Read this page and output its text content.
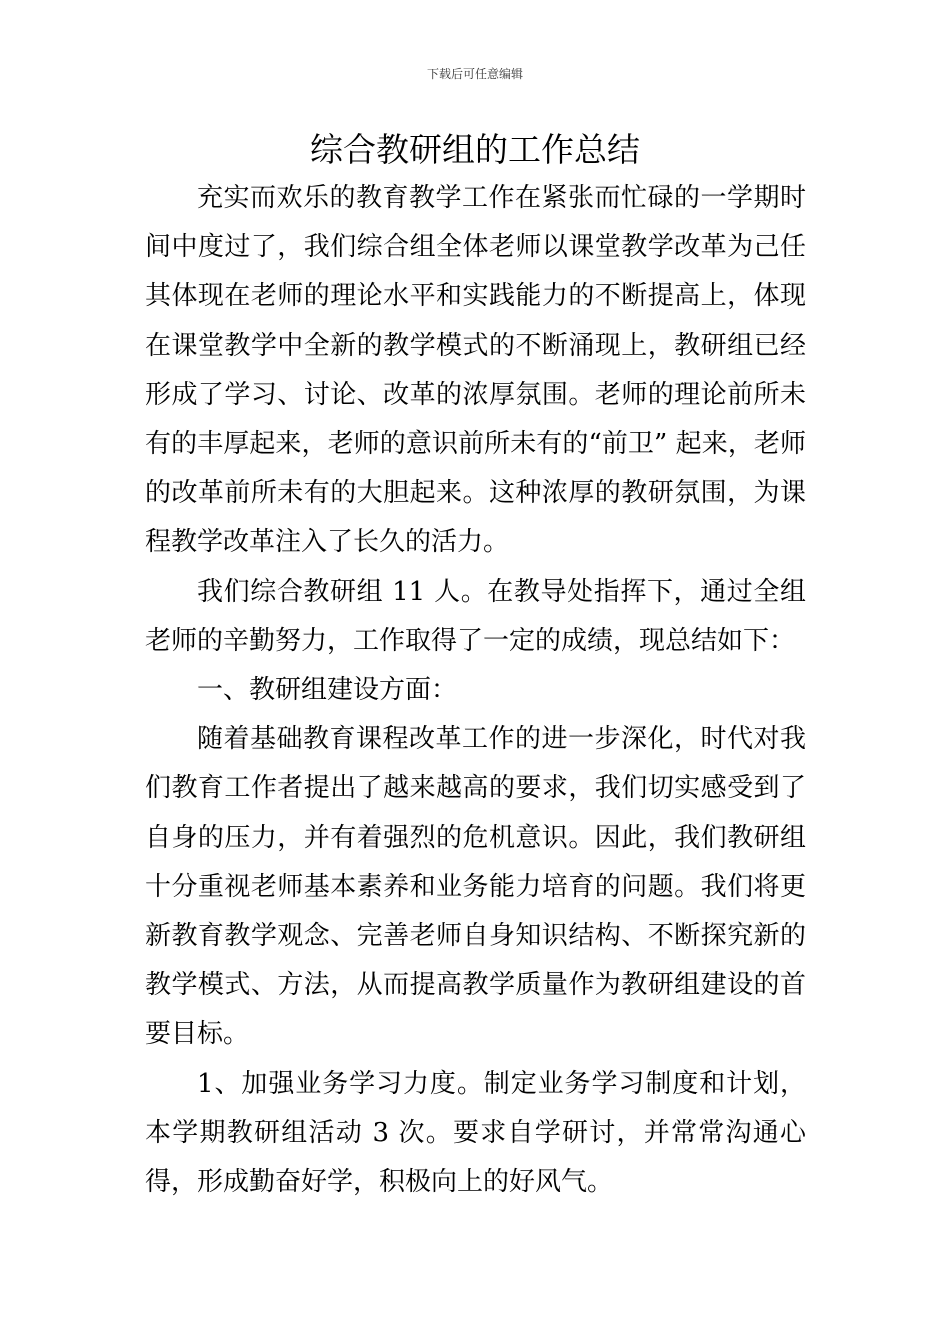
下载后可任意编辑
综合教研组的工作总结

充实而欢乐的教育教学工作在紧张而忙碌的一学期时间中度过了，我们综合组全体老师以课堂教学改革为己任其体现在老师的理论水平和实践能力的不断提高上，体现在课堂教学中全新的教学模式的不断涌现上，教研组已经形成了学习、讨论、改革的浓厚氛围。老师的理论前所未有的丰厚起来，老师的意识前所未有的“前卫” 起来，老师的改革前所未有的大胆起来。这种浓厚的教研氛围，为课程教学改革注入了长久的活力。

我们综合教研组 11 人。在教导处指挥下，通过全组老师的辛勤努力，工作取得了一定的成绩，现总结如下：

一、教研组建设方面：

随着基础教育课程改革工作的进一步深化，时代对我们教育工作者提出了越来越高的要求，我们切实感受到了自身的压力，并有着强烈的危机意识。因此，我们教研组十分重视老师基本素养和业务能力培育的问题。我们将更新教育教学观念、完善老师自身知识结构、不断探究新的教学模式、方法，从而提高教学质量作为教研组建设的首要目标。

1、加强业务学习力度。制定业务学习制度和计划，本学期教研组活动 3 次。要求自学研讨，并常常沟通心得，形成勤奋好学，积极向上的好风气。
